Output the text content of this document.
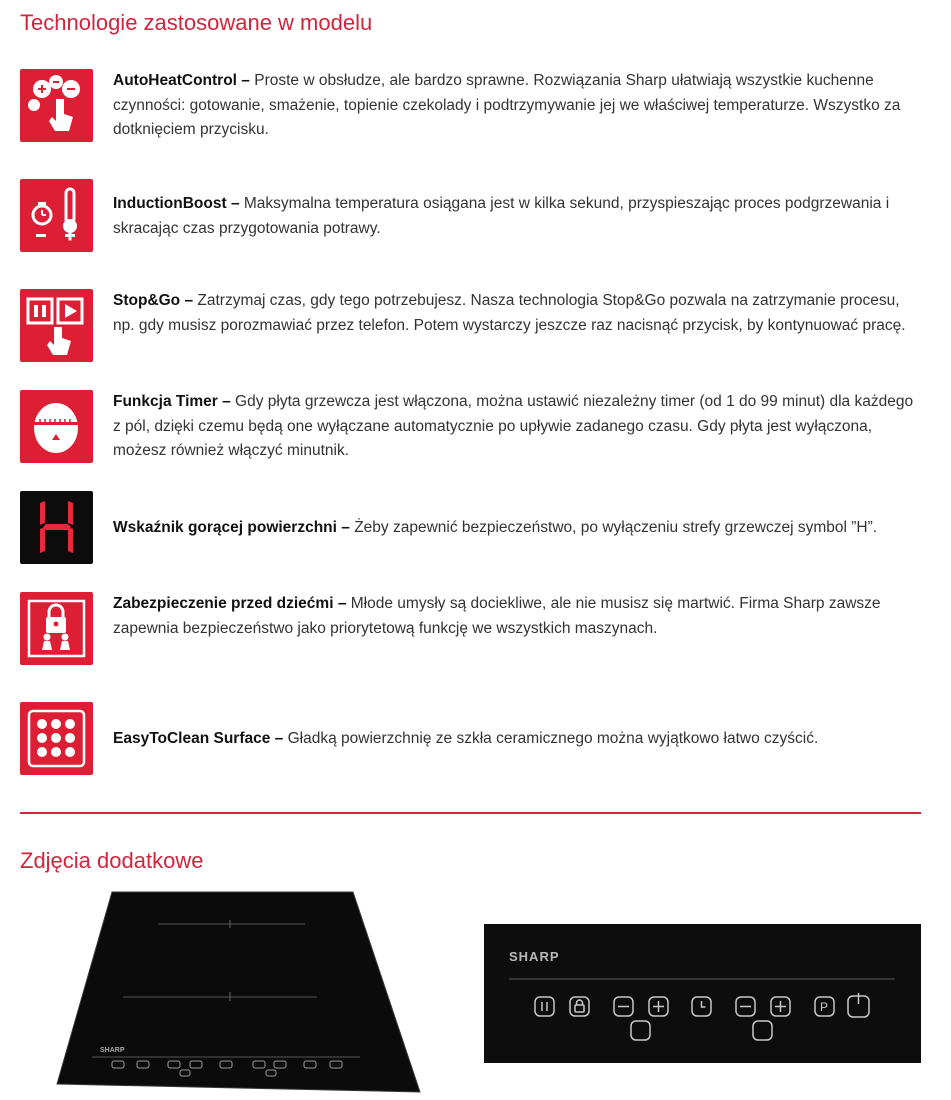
Technologie zastosowane w modelu
AutoHeatControl – Proste w obsłudze, ale bardzo sprawne. Rozwiązania Sharp ułatwiają wszystkie kuchenne czynności: gotowanie, smażenie, topienie czekolady i podtrzymywanie jej we właściwej temperaturze. Wszystko za dotknięciem przycisku.
InductionBoost – Maksymalna temperatura osiągana jest w kilka sekund, przyspieszając proces podgrzewania i skracając czas przygotowania potrawy.
Stop&Go – Zatrzymaj czas, gdy tego potrzebujesz. Nasza technologia Stop&Go pozwala na zatrzymanie procesu, np. gdy musisz porozmawiać przez telefon. Potem wystarczy jeszcze raz nacisnąć przycisk, by kontynuować pracę.
Funkcja Timer – Gdy płyta grzewcza jest włączona, można ustawić niezależny timer (od 1 do 99 minut) dla każdego z pól, dzięki czemu będą one wyłączane automatycznie po upływie zadanego czasu. Gdy płyta jest wyłączona, możesz również włączyć minutnik.
Wskaźnik gorącej powierzchni – Żeby zapewnić bezpieczeństwo, po wyłączeniu strefy grzewczej symbol ”H”.
Zabezpieczenie przed dziećmi – Młode umysły są dociekliwe, ale nie musisz się martwić. Firma Sharp zawsze zapewnia bezpieczeństwo jako priorytetową funkcję we wszystkich maszynach.
EasyToClean Surface – Gładką powierzchnię ze szkła ceramicznego można wyjątkowo łatwo czyścić.
Zdjęcia dodatkowe
SHARP
SHARP
P
